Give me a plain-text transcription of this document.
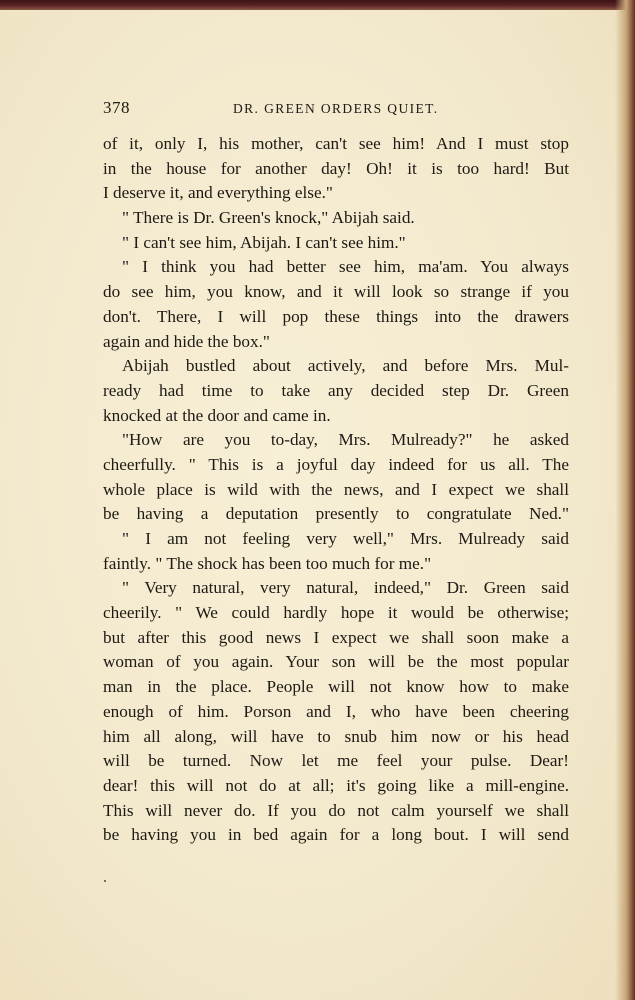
378	DR. GREEN ORDERS QUIET.
of it, only I, his mother, can't see him! And I must stop
in the house for another day! Oh! it is too hard! But
I deserve it, and everything else."
" There is Dr. Green's knock," Abijah said.
" I can't see him, Abijah. I can't see him."
" I think you had better see him, ma'am. You always
do see him, you know, and it will look so strange if you
don't. There, I will pop these things into the drawers
again and hide the box."
Abijah bustled about actively, and before Mrs. Mul-
ready had time to take any decided step Dr. Green
knocked at the door and came in.
"How are you to-day, Mrs. Mulready?" he asked
cheerfully. " This is a joyful day indeed for us all. The
whole place is wild with the news, and I expect we shall
be having a deputation presently to congratulate Ned."
" I am not feeling very well," Mrs. Mulready said
faintly. " The shock has been too much for me."
" Very natural, very natural, indeed," Dr. Green said
cheerily. " We could hardly hope it would be otherwise;
but after this good news I expect we shall soon make a
woman of you again. Your son will be the most popular
man in the place. People will not know how to make
enough of him. Porson and I, who have been cheering
him all along, will have to snub him now or his head
will be turned. Now let me feel your pulse. Dear!
dear! this will not do at all; it's going like a mill-engine.
This will never do. If you do not calm yourself we shall
be having you in bed again for a long bout. I will send
